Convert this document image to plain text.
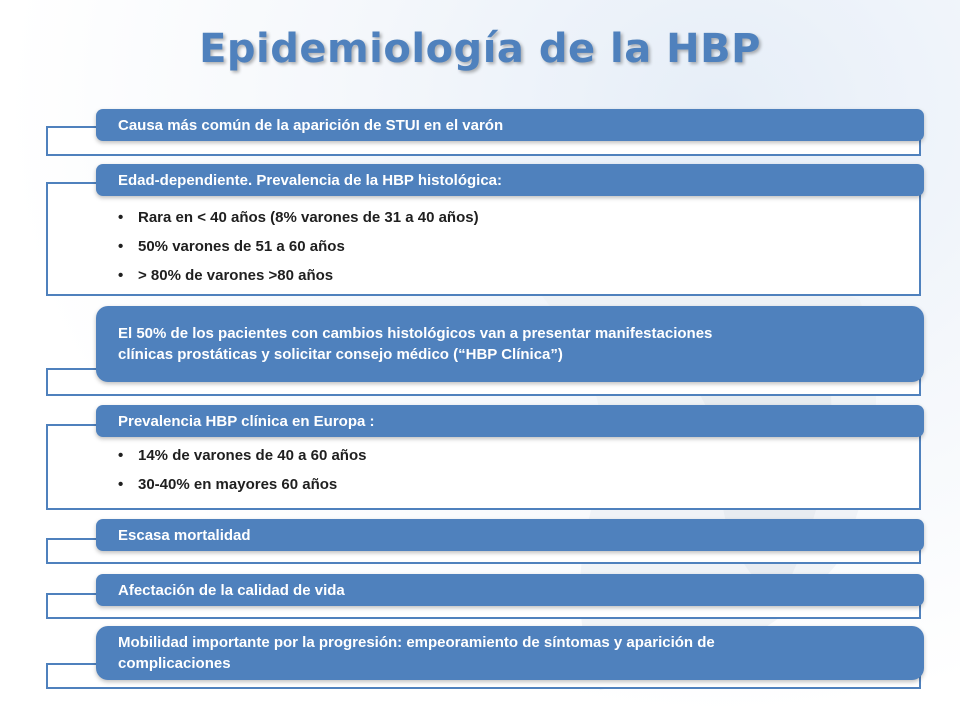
Epidemiología de la HBP
Causa más común de la aparición de STUI en el varón
Edad-dependiente. Prevalencia de la HBP histológica:
• Rara en < 40 años (8% varones de 31 a 40 años)
• 50% varones de 51 a 60 años
• > 80% de varones >80 años
El 50% de los pacientes con cambios histológicos van a presentar manifestaciones
clínicas prostáticas y solicitar consejo médico (“HBP Clínica”)
Prevalencia HBP clínica en Europa :
• 14% de varones de 40 a 60 años
• 30-40% en mayores 60 años
Escasa mortalidad
Afectación de la calidad de vida
Mobilidad importante por la progresión: empeoramiento de síntomas y aparición de
complicaciones
